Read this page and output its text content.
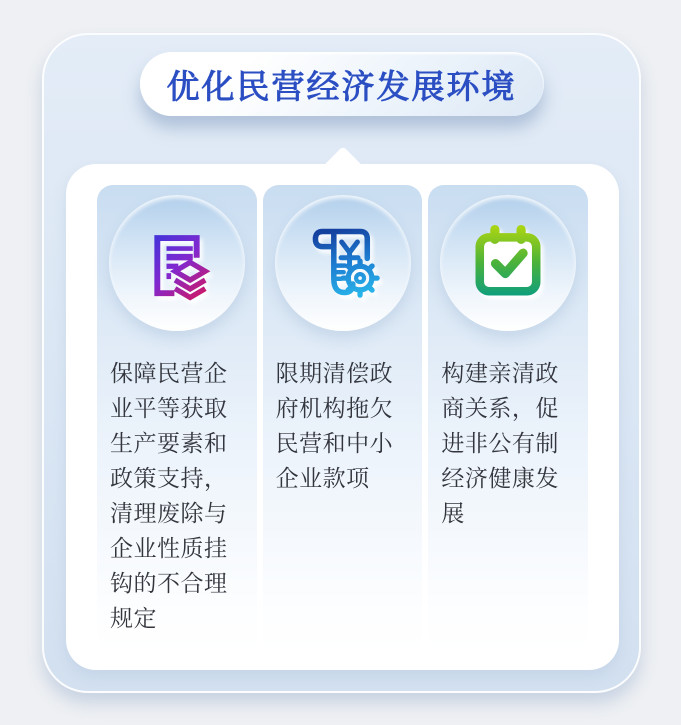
优化民营经济发展环境
保障民营企业平等获取生产要素和政策支持，清理废除与企业性质挂钩的不合理规定
限期清偿政府机构拖欠民营和中小企业款项
构建亲清政商关系，促进非公有制经济健康发展
